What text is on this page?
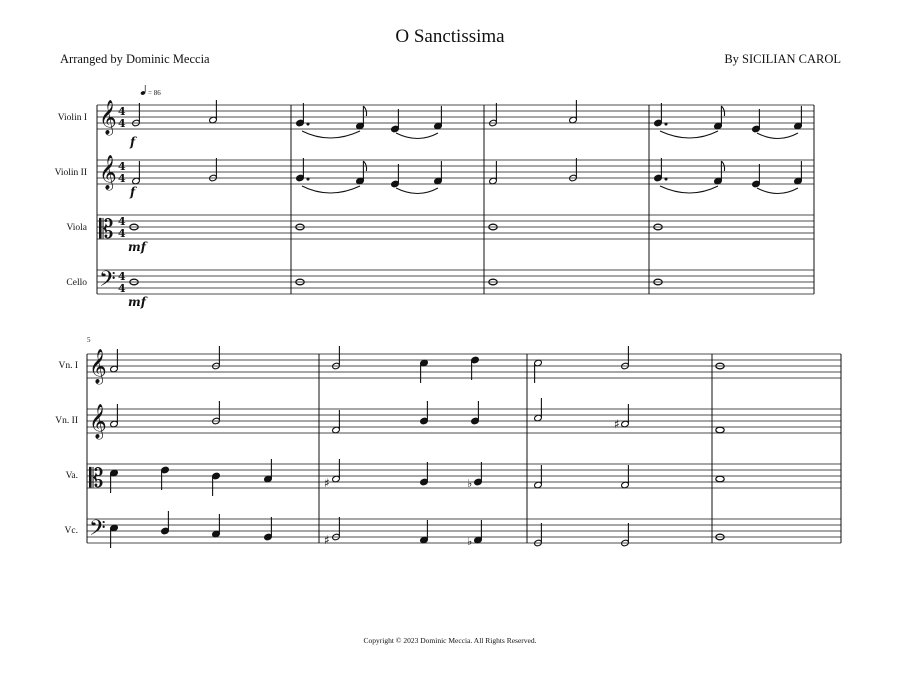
O Sanctissima
Arranged by Dominic Meccia	By SICILIAN CAROL
Violin I
Violin II
Viola
Cello
= 86
𝄞
𝄞
𝄡
𝄢
4
4
4
4
4
4
4
4
f
f
mf
mf
5
Vn. I
Vn. II
Va.
Vc.
𝄞
𝄞
𝄡
𝄢
♯
♯	♭
♯	♭
Copyright © 2023 Dominic Meccia. All Rights Reserved.
